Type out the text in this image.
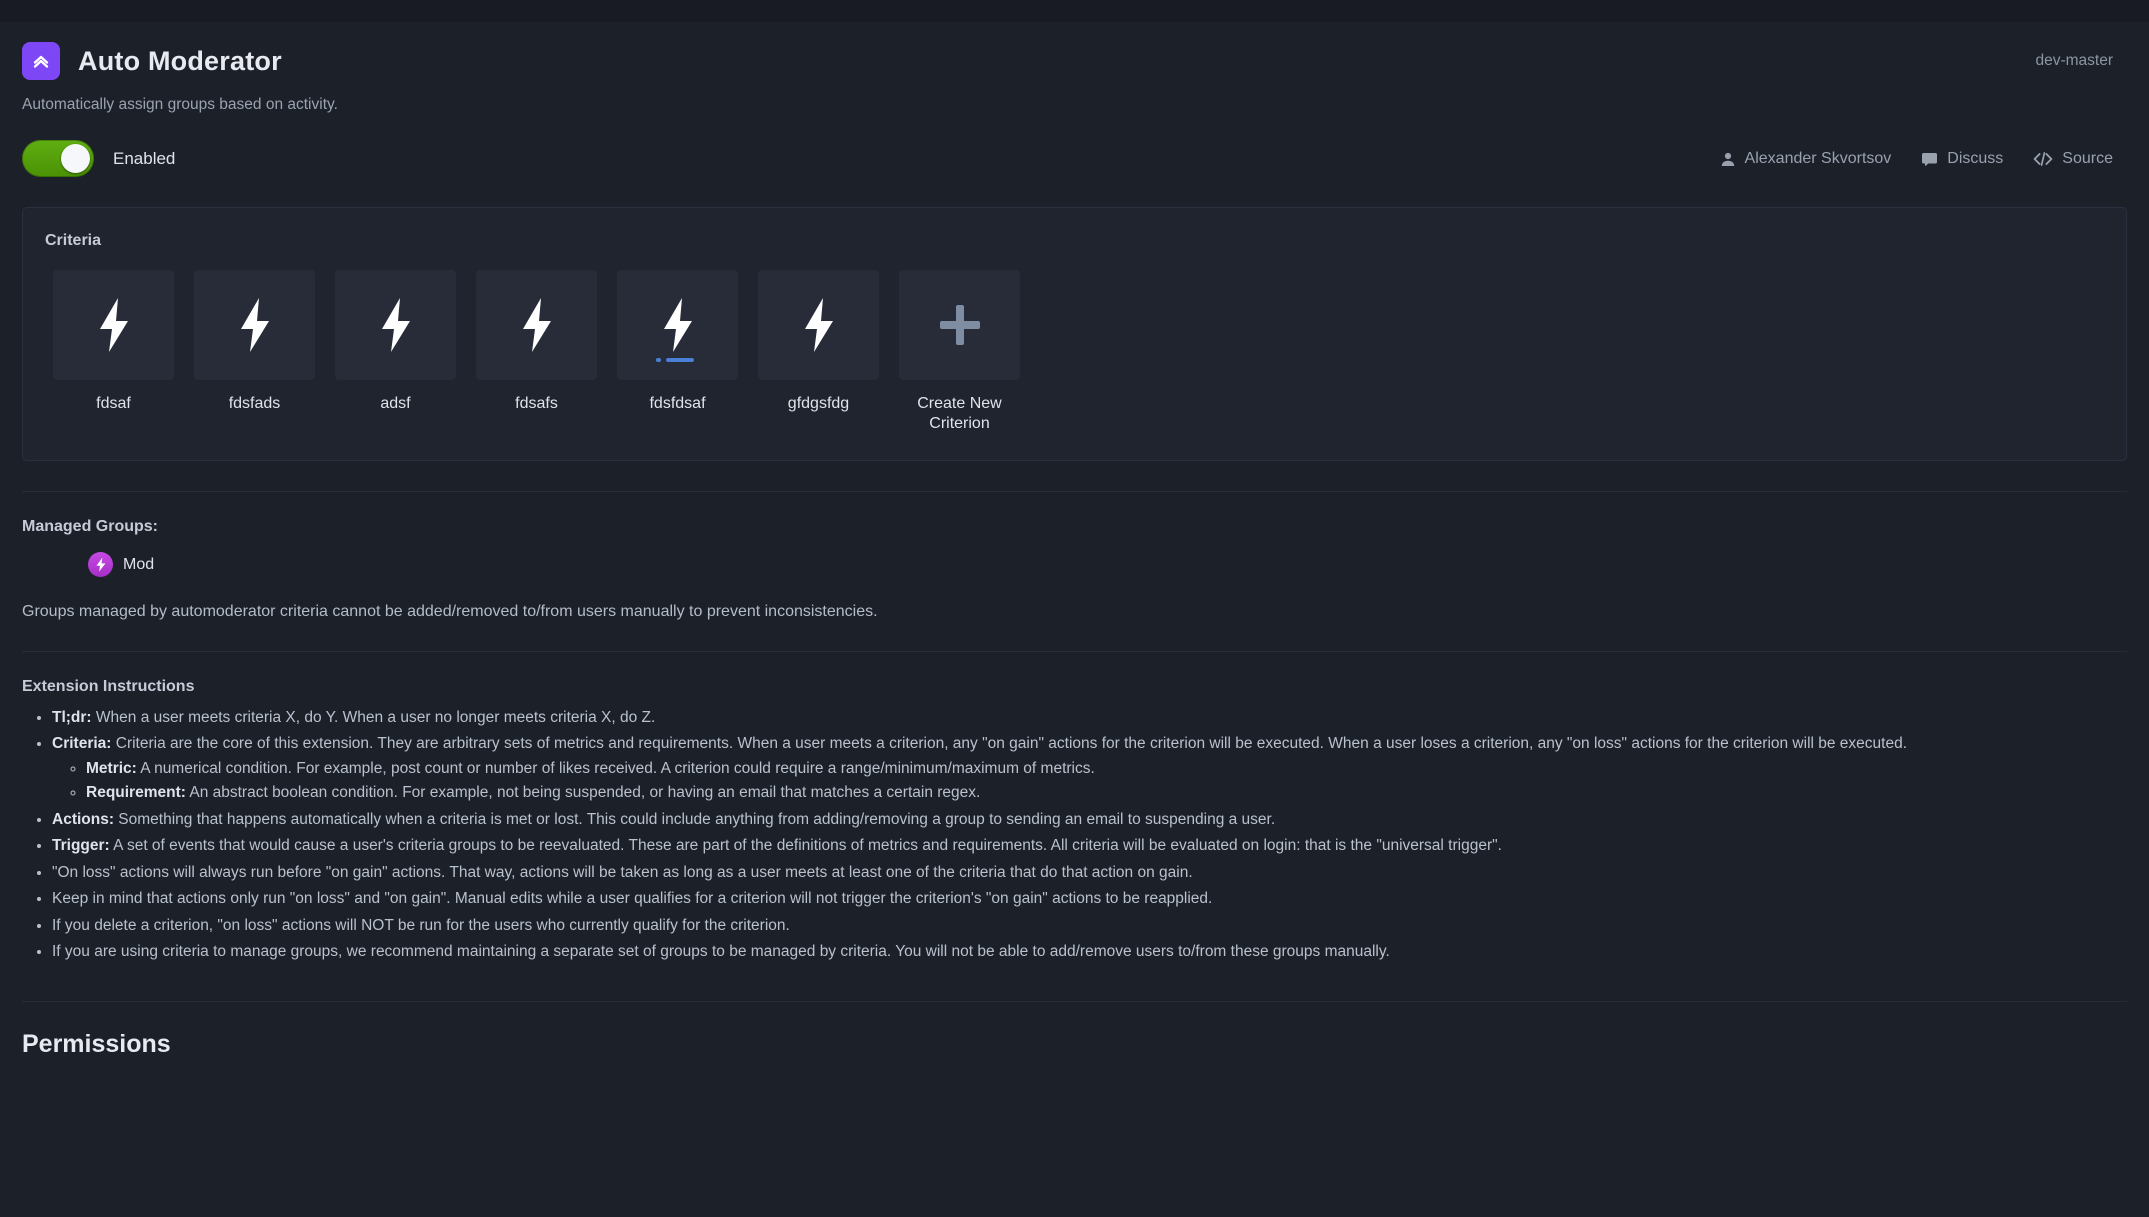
Auto Moderator	dev-master
Automatically assign groups based on activity.
Enabled	Alexander Skvortsov	Discuss	Source
Criteria
fdsaf	fdsfads	adsf	fdsafs	fdsfdsaf	gfdgsfdg	Create New Criterion
Managed Groups:
Mod
Groups managed by automoderator criteria cannot be added/removed to/from users manually to prevent inconsistencies.
Extension Instructions
• Tl;dr: When a user meets criteria X, do Y. When a user no longer meets criteria X, do Z.
• Criteria: Criteria are the core of this extension. They are arbitrary sets of metrics and requirements. When a user meets a criterion, any "on gain" actions for the criterion will be executed. When a user loses a criterion, any "on loss" actions for the criterion will be executed.
◦ Metric: A numerical condition. For example, post count or number of likes received. A criterion could require a range/minimum/maximum of metrics.
◦ Requirement: An abstract boolean condition. For example, not being suspended, or having an email that matches a certain regex.
• Actions: Something that happens automatically when a criteria is met or lost. This could include anything from adding/removing a group to sending an email to suspending a user.
• Trigger: A set of events that would cause a user's criteria groups to be reevaluated. These are part of the definitions of metrics and requirements. All criteria will be evaluated on login: that is the "universal trigger".
• "On loss" actions will always run before "on gain" actions. That way, actions will be taken as long as a user meets at least one of the criteria that do that action on gain.
• Keep in mind that actions only run "on loss" and "on gain". Manual edits while a user qualifies for a criterion will not trigger the criterion's "on gain" actions to be reapplied.
• If you delete a criterion, "on loss" actions will NOT be run for the users who currently qualify for the criterion.
• If you are using criteria to manage groups, we recommend maintaining a separate set of groups to be managed by criteria. You will not be able to add/remove users to/from these groups manually.
Permissions
